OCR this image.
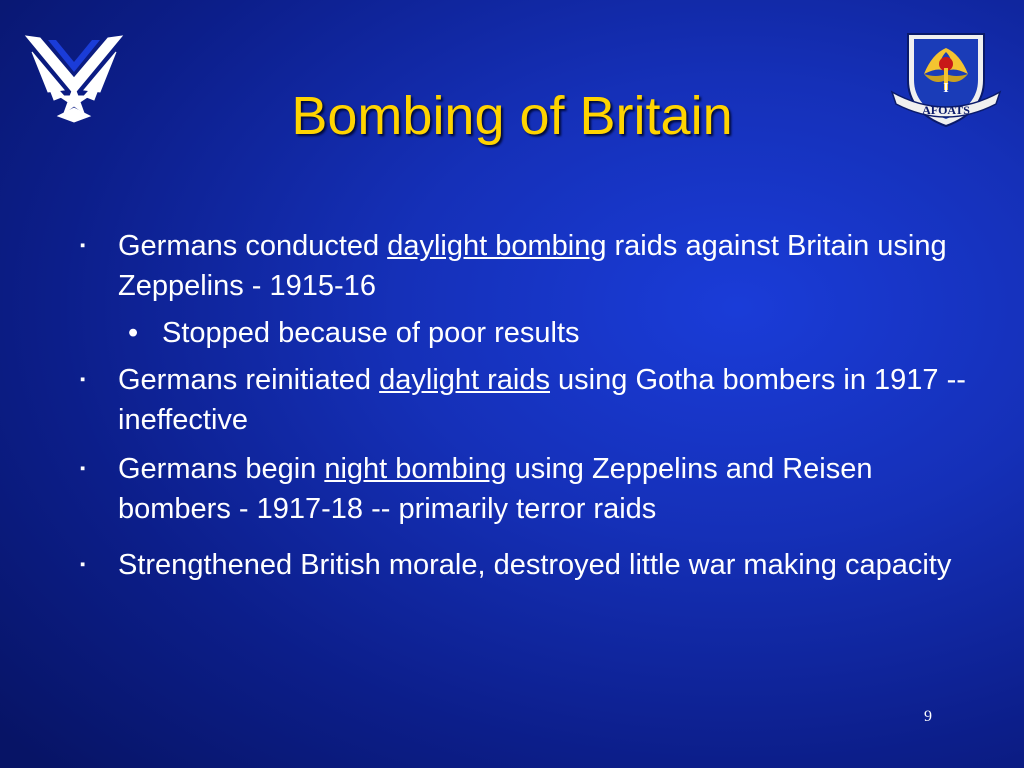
I
AFOATS
Bombing of Britain
▪ Germans conducted daylight bombing raids against Britain using Zeppelins - 1915-16
• Stopped because of poor results
▪ Germans reinitiated daylight raids using Gotha bombers in 1917 -- ineffective
▪ Germans begin night bombing using Zeppelins and Reisen bombers - 1917-18 -- primarily terror raids
▪ Strengthened British morale, destroyed little war making capacity
9
